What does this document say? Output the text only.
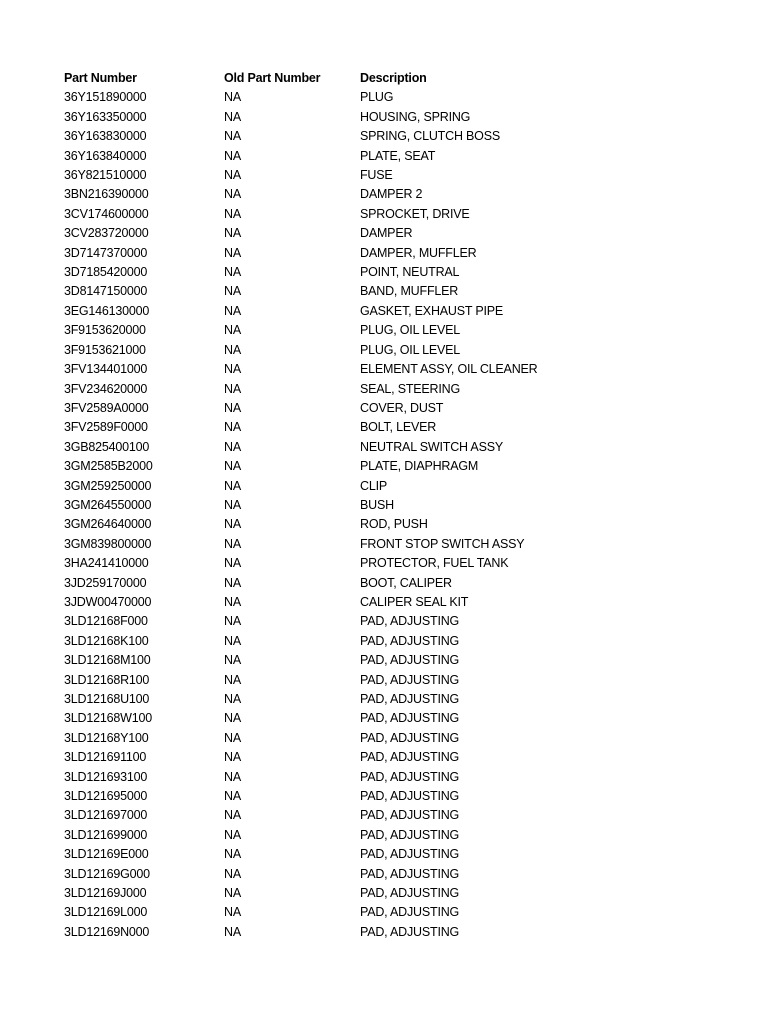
Part Number	Old Part Number	Description
36Y151890000	NA	PLUG
36Y163350000	NA	HOUSING, SPRING
36Y163830000	NA	SPRING, CLUTCH BOSS
36Y163840000	NA	PLATE, SEAT
36Y821510000	NA	FUSE
3BN216390000	NA	DAMPER 2
3CV174600000	NA	SPROCKET, DRIVE
3CV283720000	NA	DAMPER
3D7147370000	NA	DAMPER, MUFFLER
3D7185420000	NA	POINT, NEUTRAL
3D8147150000	NA	BAND, MUFFLER
3EG146130000	NA	GASKET, EXHAUST PIPE
3F9153620000	NA	PLUG, OIL LEVEL
3F9153621000	NA	PLUG, OIL LEVEL
3FV134401000	NA	ELEMENT ASSY, OIL CLEANER
3FV234620000	NA	SEAL, STEERING
3FV2589A0000	NA	COVER, DUST
3FV2589F0000	NA	BOLT, LEVER
3GB825400100	NA	NEUTRAL SWITCH ASSY
3GM2585B2000	NA	PLATE, DIAPHRAGM
3GM259250000	NA	CLIP
3GM264550000	NA	BUSH
3GM264640000	NA	ROD, PUSH
3GM839800000	NA	FRONT STOP SWITCH ASSY
3HA241410000	NA	PROTECTOR, FUEL TANK
3JD259170000	NA	BOOT, CALIPER
3JDW00470000	NA	CALIPER SEAL KIT
3LD12168F000	NA	PAD, ADJUSTING
3LD12168K100	NA	PAD, ADJUSTING
3LD12168M100	NA	PAD, ADJUSTING
3LD12168R100	NA	PAD, ADJUSTING
3LD12168U100	NA	PAD, ADJUSTING
3LD12168W100	NA	PAD, ADJUSTING
3LD12168Y100	NA	PAD, ADJUSTING
3LD121691100	NA	PAD, ADJUSTING
3LD121693100	NA	PAD, ADJUSTING
3LD121695000	NA	PAD, ADJUSTING
3LD121697000	NA	PAD, ADJUSTING
3LD121699000	NA	PAD, ADJUSTING
3LD12169E000	NA	PAD, ADJUSTING
3LD12169G000	NA	PAD, ADJUSTING
3LD12169J000	NA	PAD, ADJUSTING
3LD12169L000	NA	PAD, ADJUSTING
3LD12169N000	NA	PAD, ADJUSTING
